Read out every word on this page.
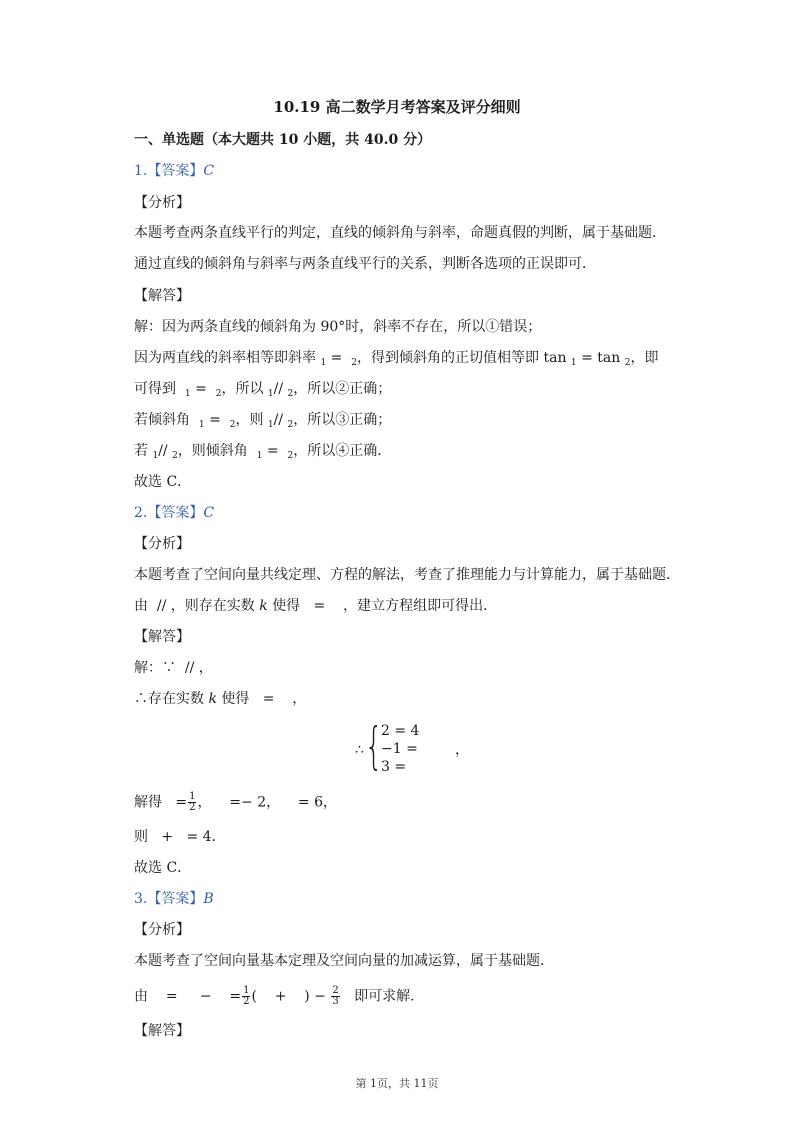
10.19 高二数学月考答案及评分细则
一、单选题（本大题共 10 小题，共 40.0 分）
1.【答案】C
【分析】
本题考查两条直线平行的判定，直线的倾斜角与斜率，命题真假的判断，属于基础题．
通过直线的倾斜角与斜率与两条直线平行的关系，判断各选项的正误即可．
【解答】
解：因为两条直线的倾斜角为 90°时，斜率不存在，所以①错误；
因为两直线的斜率相等即斜率 $_1$ =  $_2$，得到倾斜角的正切值相等即 tan $_1$ = tan $_2$，即
可得到 $_1$ =  $_2$，所以 $_1$// $_2$，所以②正确；
若倾斜角 $_1$ =  $_2$，则 $_1$// $_2$，所以③正确；
若 $_1$// $_2$，则倾斜角 $_1$ =  $_2$，所以④正确．
故选 C．
2.【答案】C
【分析】
本题考查了空间向量共线定理、方程的解法，考查了推理能力与计算能力，属于基础题．
由 // ，则存在实数 k 使得 = ，建立方程组即可得出．
【解答】
解：∵ // ，
∴存在实数 k 使得 = ，
∴ {
2 = 4
−1 =
3 =
，
解得 = $\frac{1}{2}$ ， =− 2， = 6，
则 + = 4．
故选 C．
3.【答案】B
【分析】
本题考查了空间向量基本定理及空间向量的加减运算，属于基础题．
由 = − = $\frac{1}{2}$ ( + ) − $\frac{2}{3}$ 即可求解．
【解答】
第 1页，共 11页
